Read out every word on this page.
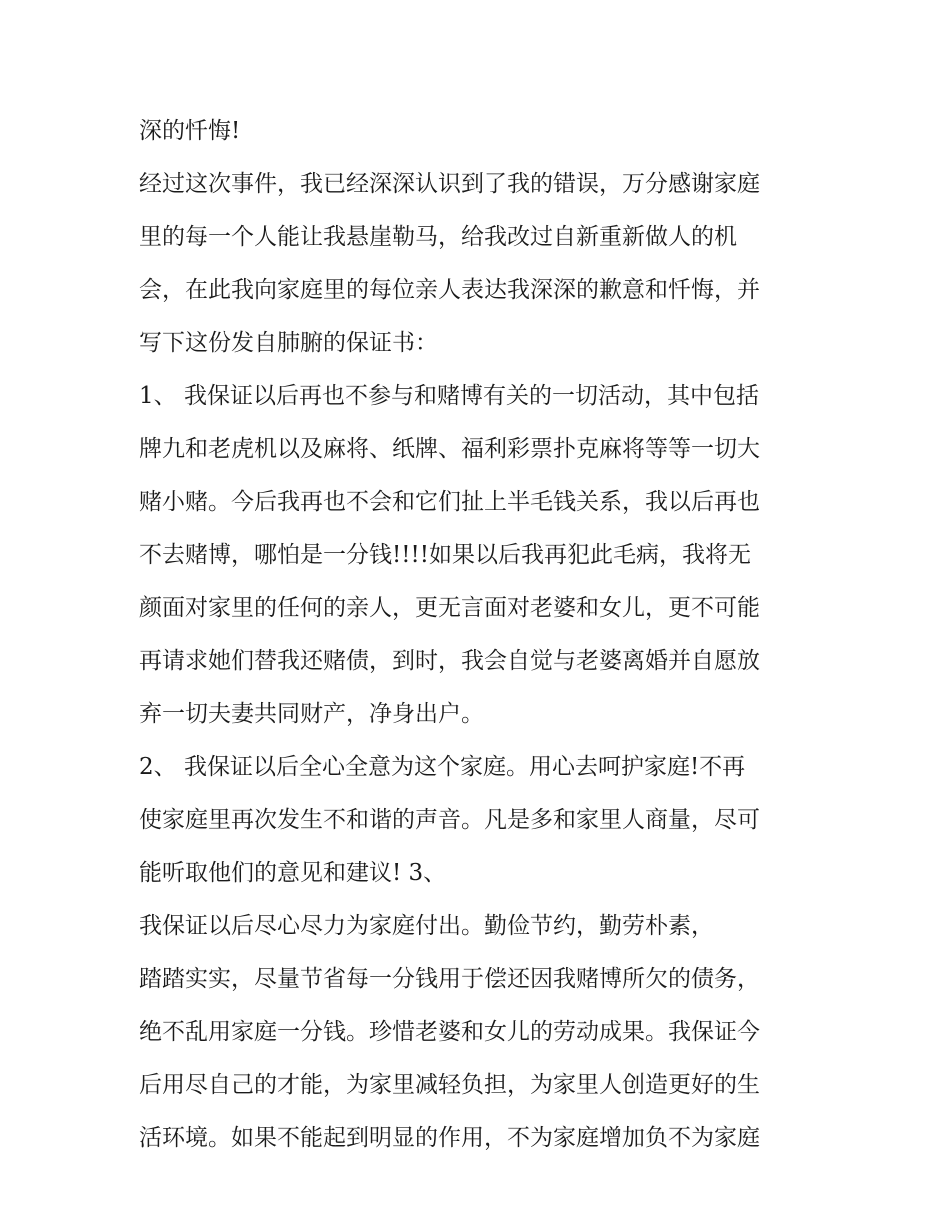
深的忏悔!
经过这次事件，我已经深深认识到了我的错误，万分感谢家庭
里的每一个人能让我悬崖勒马，给我改过自新重新做人的机
会，在此我向家庭里的每位亲人表达我深深的歉意和忏悔，并
写下这份发自肺腑的保证书：
1、 我保证以后再也不参与和赌博有关的一切活动，其中包括
牌九和老虎机以及麻将、纸牌、福利彩票扑克麻将等等一切大
赌小赌。今后我再也不会和它们扯上半毛钱关系，我以后再也
不去赌博，哪怕是一分钱!!!!如果以后我再犯此毛病，我将无
颜面对家里的任何的亲人，更无言面对老婆和女儿，更不可能
再请求她们替我还赌债，到时，我会自觉与老婆离婚并自愿放
弃一切夫妻共同财产，净身出户。
2、 我保证以后全心全意为这个家庭。用心去呵护家庭!不再
使家庭里再次发生不和谐的声音。凡是多和家里人商量，尽可
能听取他们的意见和建议! 3、
我保证以后尽心尽力为家庭付出。勤俭节约，勤劳朴素，
踏踏实实，尽量节省每一分钱用于偿还因我赌博所欠的债务，
绝不乱用家庭一分钱。珍惜老婆和女儿的劳动成果。我保证今
后用尽自己的才能，为家里减轻负担，为家里人创造更好的生
活环境。如果不能起到明显的作用，不为家庭增加负不为家庭
